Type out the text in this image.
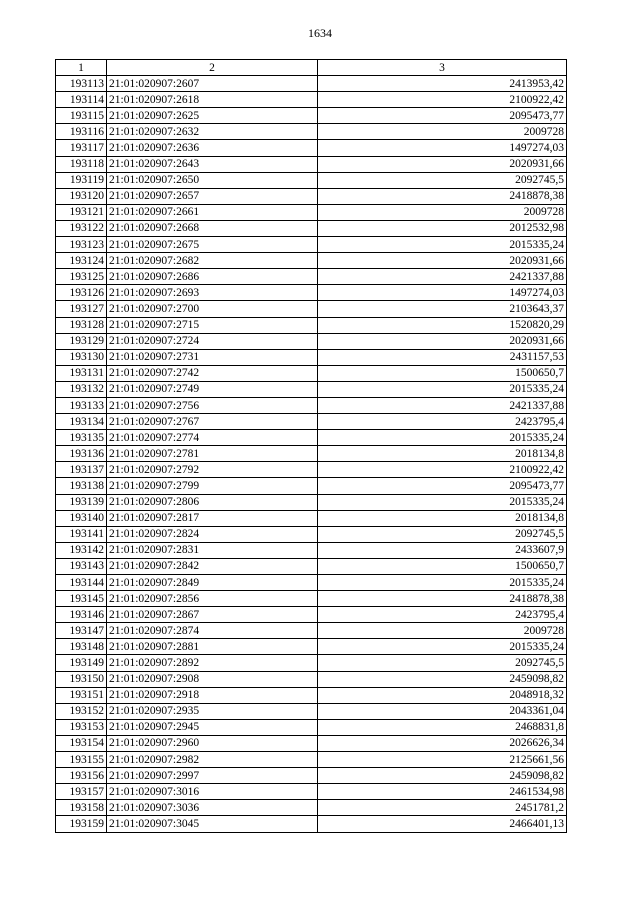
1634
1	2	3
193113	21:01:020907:2607	2413953,42
193114	21:01:020907:2618	2100922,42
193115	21:01:020907:2625	2095473,77
193116	21:01:020907:2632	2009728
193117	21:01:020907:2636	1497274,03
193118	21:01:020907:2643	2020931,66
193119	21:01:020907:2650	2092745,5
193120	21:01:020907:2657	2418878,38
193121	21:01:020907:2661	2009728
193122	21:01:020907:2668	2012532,98
193123	21:01:020907:2675	2015335,24
193124	21:01:020907:2682	2020931,66
193125	21:01:020907:2686	2421337,88
193126	21:01:020907:2693	1497274,03
193127	21:01:020907:2700	2103643,37
193128	21:01:020907:2715	1520820,29
193129	21:01:020907:2724	2020931,66
193130	21:01:020907:2731	2431157,53
193131	21:01:020907:2742	1500650,7
193132	21:01:020907:2749	2015335,24
193133	21:01:020907:2756	2421337,88
193134	21:01:020907:2767	2423795,4
193135	21:01:020907:2774	2015335,24
193136	21:01:020907:2781	2018134,8
193137	21:01:020907:2792	2100922,42
193138	21:01:020907:2799	2095473,77
193139	21:01:020907:2806	2015335,24
193140	21:01:020907:2817	2018134,8
193141	21:01:020907:2824	2092745,5
193142	21:01:020907:2831	2433607,9
193143	21:01:020907:2842	1500650,7
193144	21:01:020907:2849	2015335,24
193145	21:01:020907:2856	2418878,38
193146	21:01:020907:2867	2423795,4
193147	21:01:020907:2874	2009728
193148	21:01:020907:2881	2015335,24
193149	21:01:020907:2892	2092745,5
193150	21:01:020907:2908	2459098,82
193151	21:01:020907:2918	2048918,32
193152	21:01:020907:2935	2043361,04
193153	21:01:020907:2945	2468831,8
193154	21:01:020907:2960	2026626,34
193155	21:01:020907:2982	2125661,56
193156	21:01:020907:2997	2459098,82
193157	21:01:020907:3016	2461534,98
193158	21:01:020907:3036	2451781,2
193159	21:01:020907:3045	2466401,13
